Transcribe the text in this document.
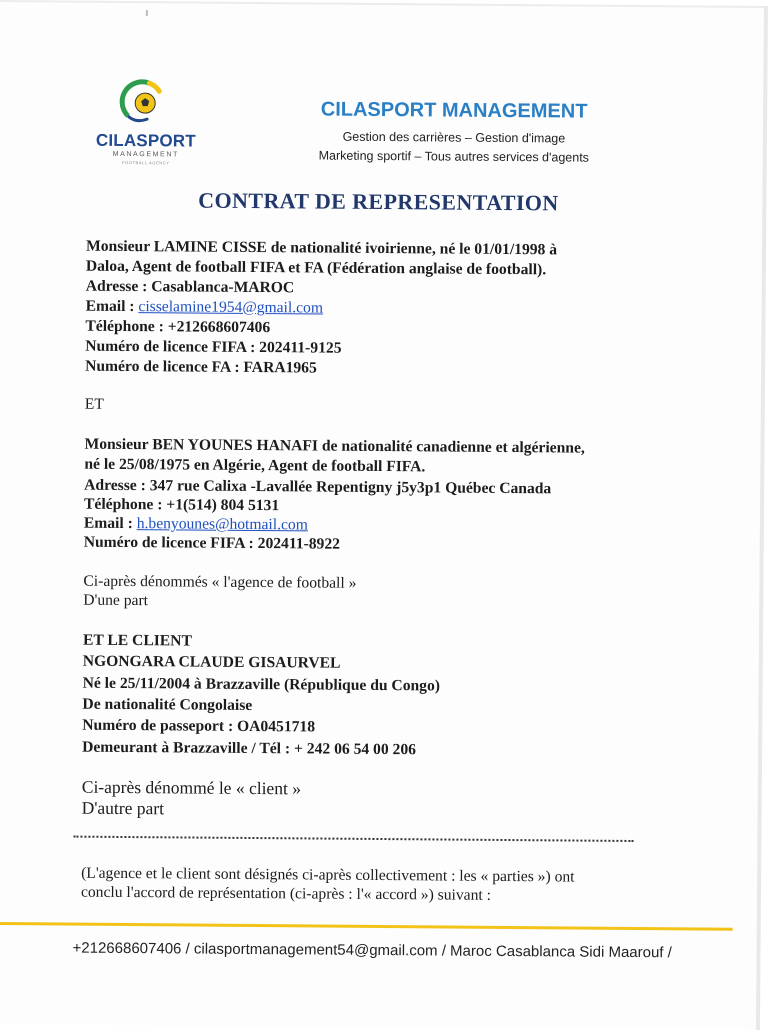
CILASPORT
MANAGEMENT
FOOTBALL AGENCY
CILASPORT MANAGEMENT
Gestion des carrières – Gestion d'image
Marketing sportif – Tous autres services d'agents
CONTRAT DE REPRESENTATION
Monsieur LAMINE CISSE de nationalité ivoirienne, né le 01/01/1998 à
Daloa, Agent de football FIFA et FA (Fédération anglaise de football).
Adresse : Casablanca-MAROC
Email : cisselamine1954@gmail.com
Téléphone : +212668607406
Numéro de licence FIFA : 202411-9125
Numéro de licence FA : FARA1965
ET
Monsieur BEN YOUNES HANAFI de nationalité canadienne et algérienne,
né le 25/08/1975 en Algérie, Agent de football FIFA.
Adresse : 347 rue Calixa -Lavallée Repentigny j5y3p1 Québec Canada
Téléphone : +1(514) 804 5131
Email : h.benyounes@hotmail.com
Numéro de licence FIFA : 202411-8922
Ci-après dénommés « l'agence de football »
D'une part
ET LE CLIENT
NGONGARA CLAUDE GISAURVEL
Né le 25/11/2004 à Brazzaville (République du Congo)
De nationalité Congolaise
Numéro de passeport : OA0451718
Demeurant à Brazzaville / Tél : + 242 06 54 00 206
Ci-après dénommé le « client »
D'autre part
(L'agence et le client sont désignés ci-après collectivement : les « parties ») ont
conclu l'accord de représentation (ci-après : l'« accord ») suivant :
+212668607406 / cilasportmanagement54@gmail.com / Maroc Casablanca Sidi Maarouf /
